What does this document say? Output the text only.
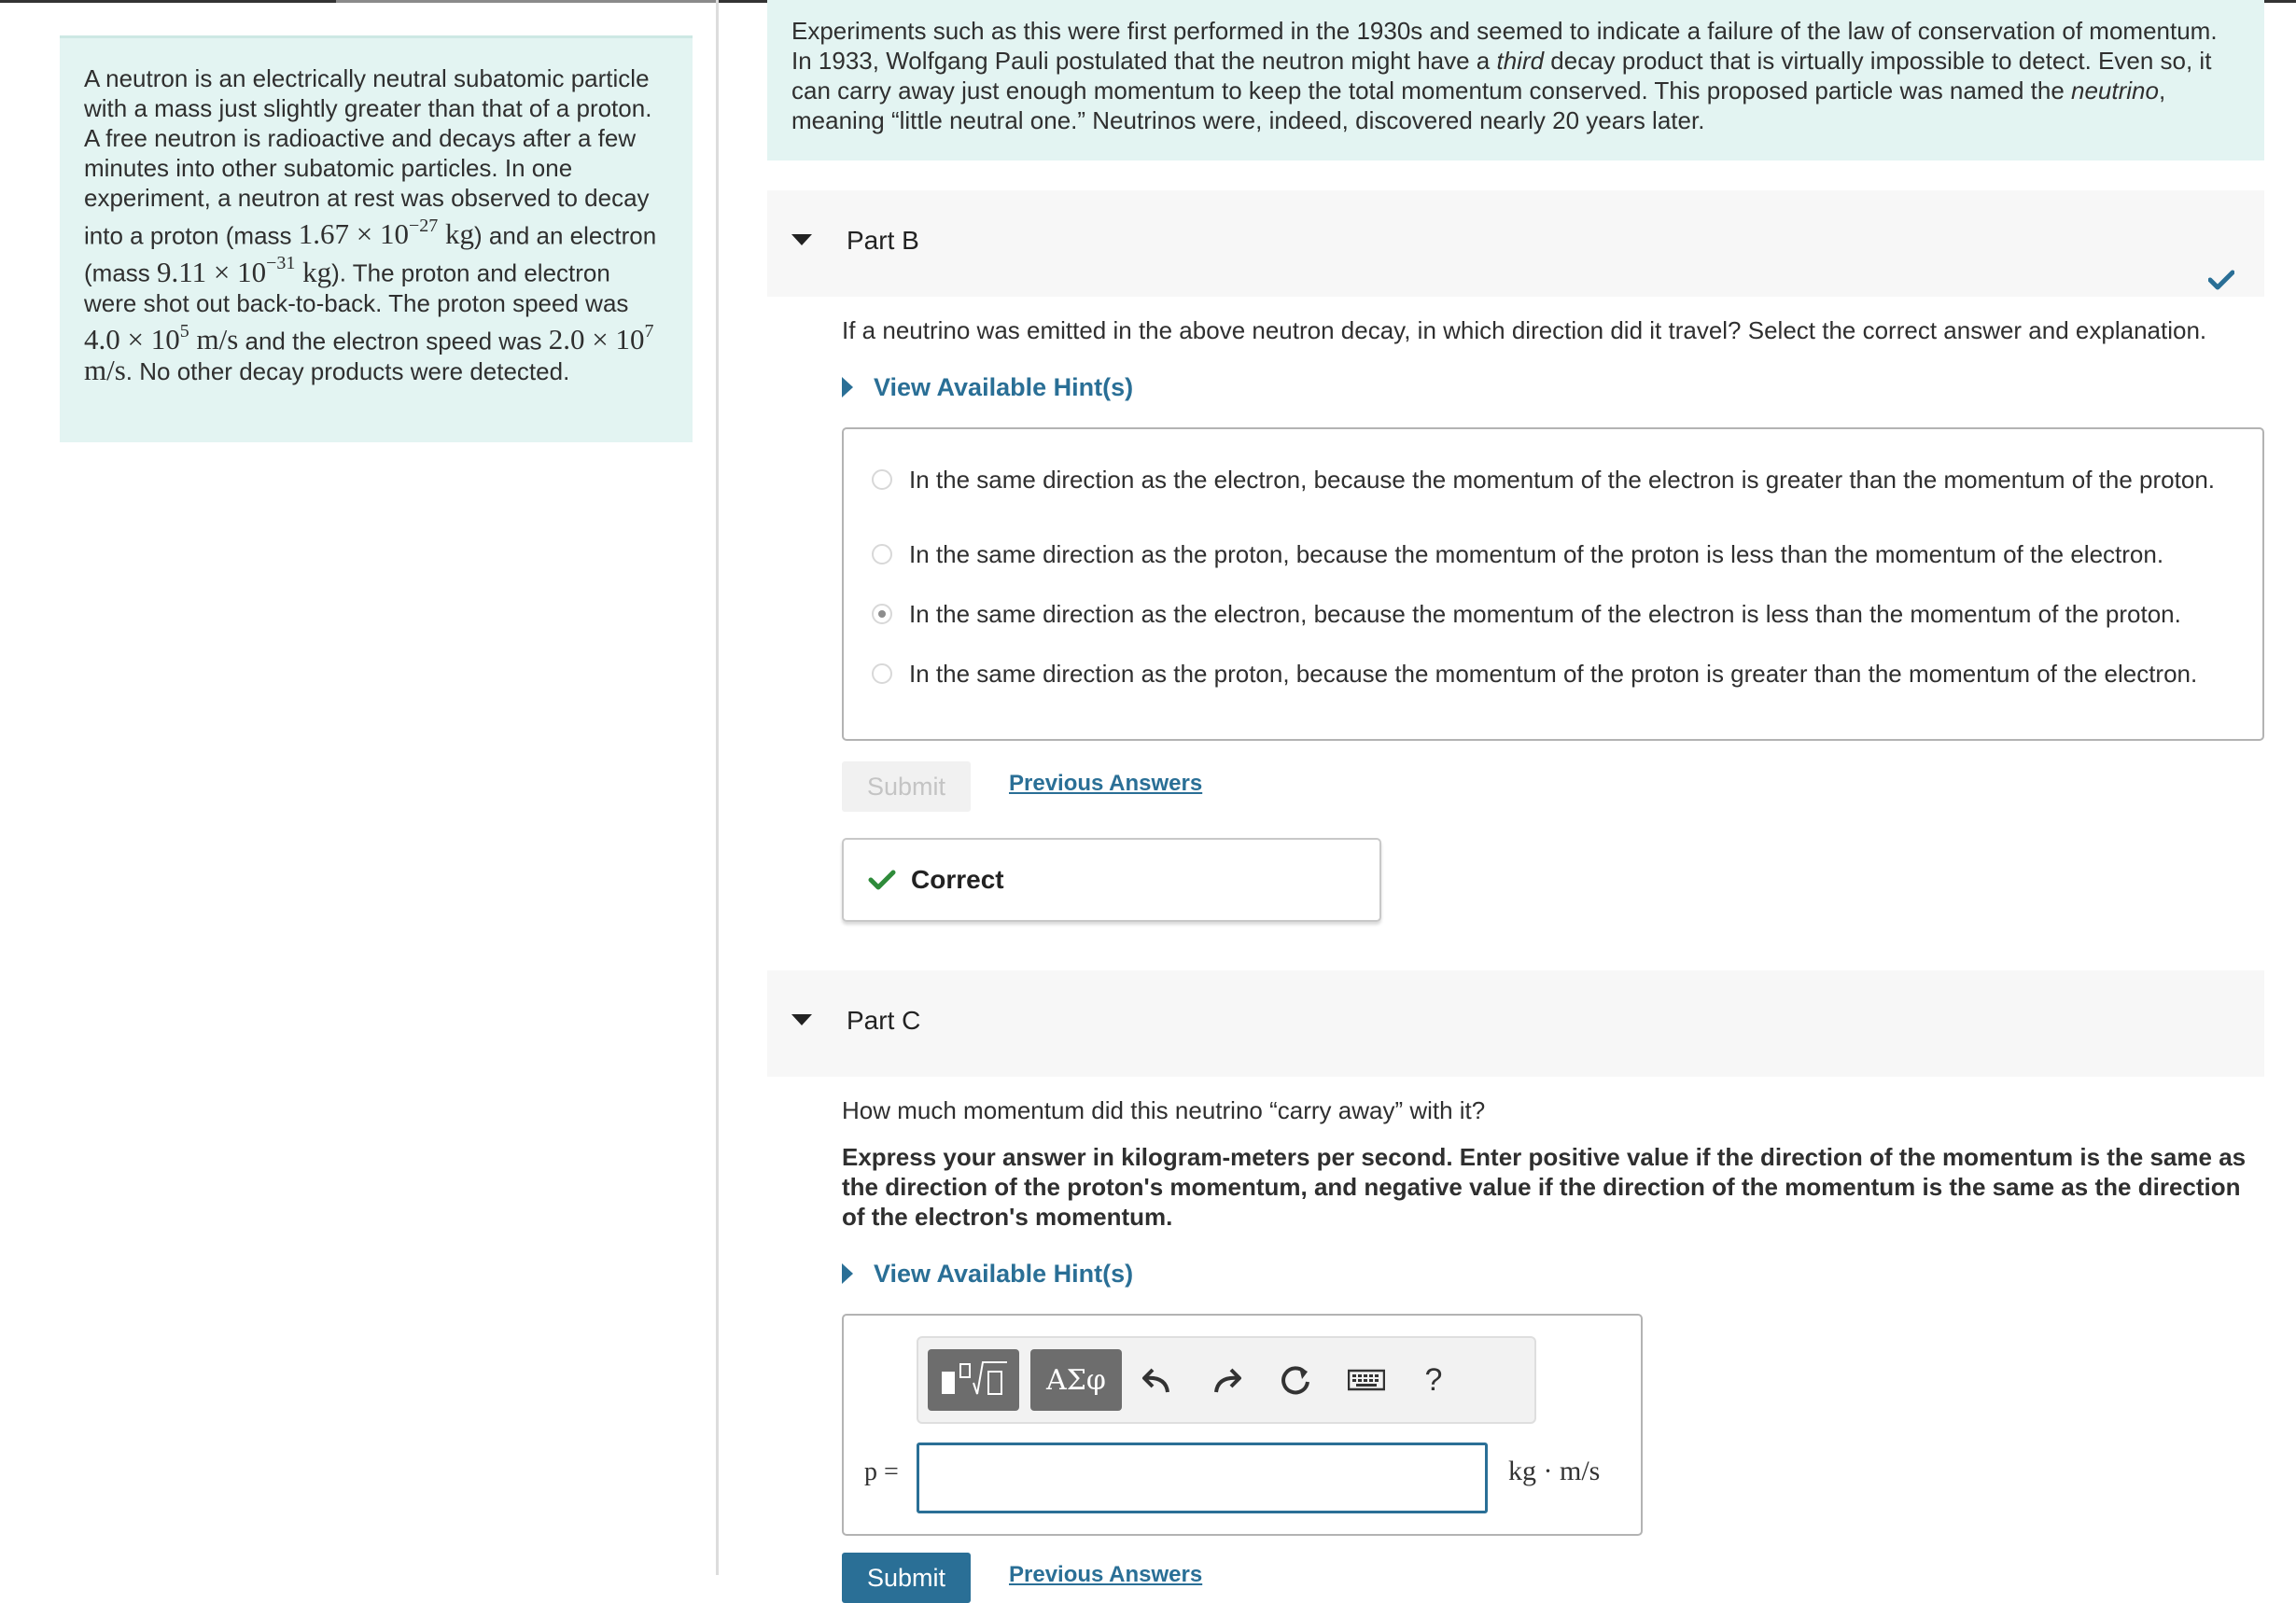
A neutron is an electrically neutral subatomic particle with a mass just slightly greater than that of a proton. A free neutron is radioactive and decays after a few minutes into other subatomic particles. In one experiment, a neutron at rest was observed to decay into a proton (mass $1.67 \times 10^{-27}$ kg) and an electron (mass $9.11 \times 10^{-31}$ kg). The proton and electron were shot out back-to-back. The proton speed was $4.0 \times 10^5$ m/s and the electron speed was $2.0 \times 10^7$ m/s. No other decay products were detected.
Experiments such as this were first performed in the 1930s and seemed to indicate a failure of the law of conservation of momentum. In 1933, Wolfgang Pauli postulated that the neutron might have a third decay product that is virtually impossible to detect. Even so, it can carry away just enough momentum to keep the total momentum conserved. This proposed particle was named the neutrino, meaning “little neutral one.” Neutrinos were, indeed, discovered nearly 20 years later.
Part B
If a neutrino was emitted in the above neutron decay, in which direction did it travel? Select the correct answer and explanation.
View Available Hint(s)
In the same direction as the electron, because the momentum of the electron is greater than the momentum of the proton.
In the same direction as the proton, because the momentum of the proton is less than the momentum of the electron.
In the same direction as the electron, because the momentum of the electron is less than the momentum of the proton.
In the same direction as the proton, because the momentum of the proton is greater than the momentum of the electron.
Submit	Previous Answers
Correct
Part C
How much momentum did this neutrino “carry away” with it?
Express your answer in kilogram-meters per second. Enter positive value if the direction of the momentum is the same as the direction of the proton's momentum, and negative value if the direction of the momentum is the same as the direction of the electron's momentum.
View Available Hint(s)
ΑΣφ	?
p =	kg · m/s
Submit	Previous Answers
